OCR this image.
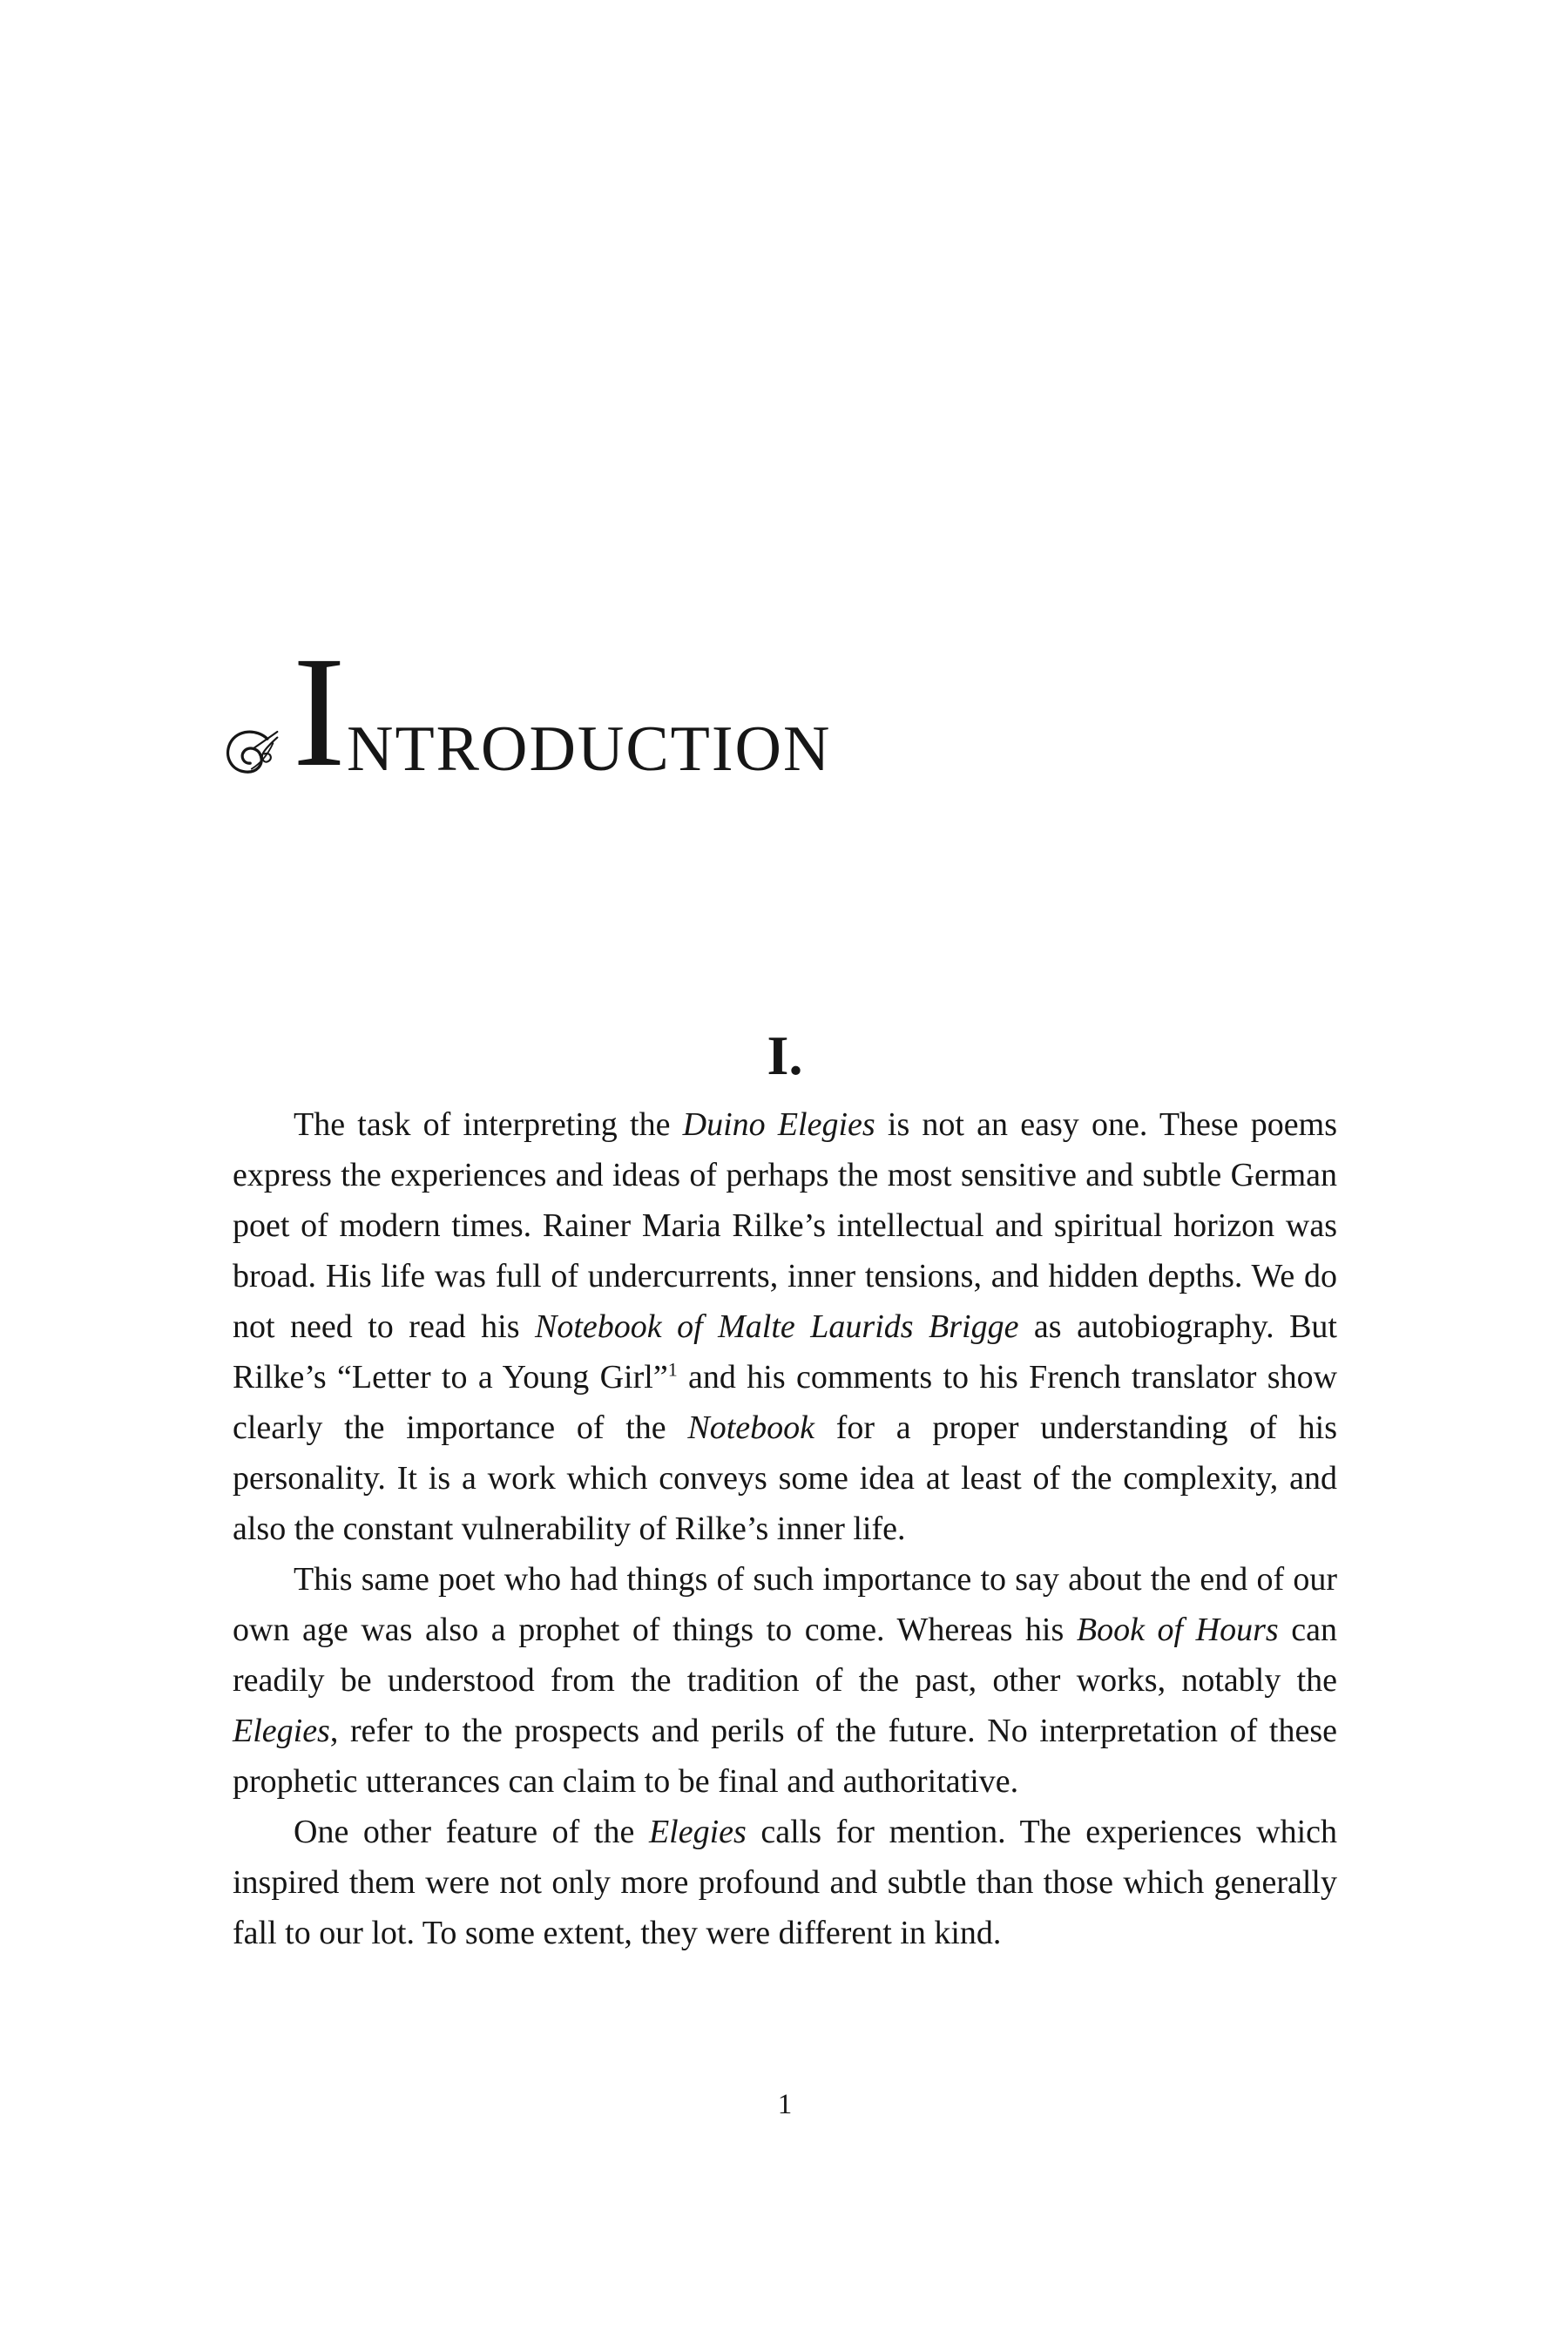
I NTRODUCTION
I.

The task of interpreting the Duino Elegies is not an easy one. These poems express the experiences and ideas of perhaps the most sensitive and subtle German poet of modern times. Rainer Maria Rilke’s intellectual and spiritual horizon was broad. His life was full of undercurrents, inner tensions, and hidden depths. We do not need to read his Notebook of Malte Laurids Brigge as autobiography. But Rilke’s “Letter to a Young Girl”$^1$ and his comments to his French translator show clearly the importance of the Notebook for a proper understanding of his personality. It is a work which conveys some idea at least of the complexity, and also the constant vulnerability of Rilke’s inner life.

This same poet who had things of such importance to say about the end of our own age was also a prophet of things to come. Whereas his Book of Hours can readily be understood from the tradition of the past, other works, notably the Elegies, refer to the prospects and perils of the future. No interpretation of these prophetic utterances can claim to be final and authoritative.

One other feature of the Elegies calls for mention. The experiences which inspired them were not only more profound and subtle than those which generally fall to our lot. To some extent, they were different in kind.

1
